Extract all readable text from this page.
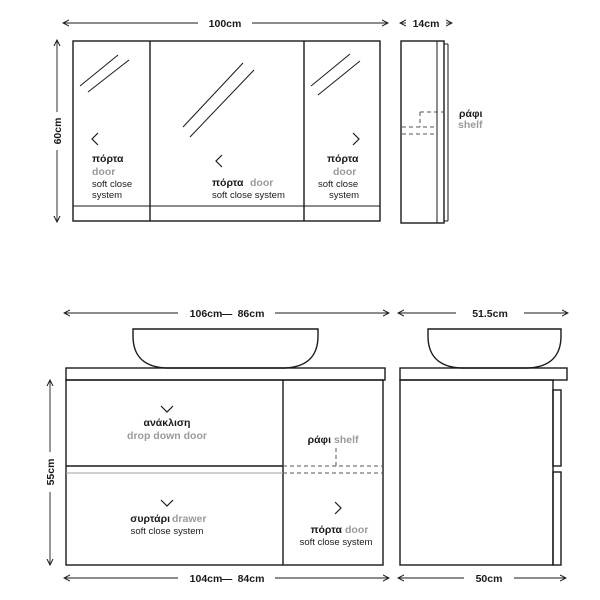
πόρτα
door
soft close
system
πόρτα door
soft close system
πόρτα
door
soft close
system
100cm
60cm
14cm
ράφι
shelf
ανάκλιση
drop down door
συρτάρι drawer
soft close system
ράφι shelf
πόρτα door
soft close system
106cm 86cm
—
104cm 84cm
—
55cm
51.5cm
50cm
